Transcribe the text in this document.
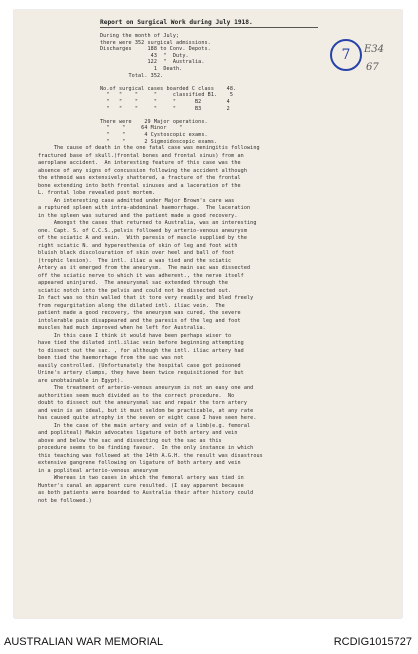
Report on Surgical Work during July 1918.
7 E34
67
During the month of July;
there were 352 surgical admissions.
Discharges     188 to Conv. Depots.
43  "  Duty.
122  "  Australia.
1  Death.
Total. 352.
No.of surgical cases boarded C class    48.
"   "    "     "     classified B1.    5
"   "    "     "     "      B2        4
"   "    "     "     "      B3        2
There were    29 Major operations.
"    "     64 Minor    "
"    "      4 Cystoscopic exams.
"    "      2 Sigmoidoscopic exams.
The cause of death in the one fatal case was meningitis following
fractured base of skull.(frontal bones and frontal sinus) from an
aeroplane accident.  An interesting feature of this case was the
absence of any signs of concussion following the accident although
the ethmoid was extensively shattered, a fracture of the frontal
bone extending into both frontal sinuses and a laceration of the
L. frontal lobe revealed post mortem.
An interesting case admitted under Major Brown's care was
a ruptured spleen with intra-abdominal haemorrhage.  The laceration
in the spleen was sutured and the patient made a good recovery.
Amongst the cases that returned to Australia, was an interesting
one. Capt. S. of C.C.S.,pelvis followed by arterio-venous aneurysm
of the sciatic A and vein.  With paresis of muscle supplied by the
right sciatic N. and hyperesthesia of skin of leg and foot with
bluish black discolouration of skin over heel and ball of foot
(trophic lesion).  The intl. iliac a was tied and the sciatic
Artery as it emerged from the aneurysm.  The main sac was dissected
off the sciatic nerve to which it was adherent., the nerve itself
appeared uninjured.  The aneurysmal sac extended through the
sciatic notch into the pelvis and could not be dissected out.
In fact was so thin walled that it tore very readily and bled freely
from regurgitation along the dilated intl. iliac vein.  The
patient made a good recovery, the aneurysm was cured, the severe
intolerable pain disappeared and the paresis of the leg and foot
muscles had much improved when he left for Australia.
In this case I think it would have been perhaps wiser to
have tied the dilated intl.iliac vein before beginning attempting
to dissect out the sac. , for although the intl. iliac artery had
been tied the haemorrhage from the sac was not
easily controlled. (Unfortunately the hospital case got poisoned
Urine's artery clamps, they have been twice requisitioned for but
are unobtainable in Egypt).
The treatment of arterio-venous aneurysm is not an easy one and
authorities seem much divided as to the correct procedure.  No
doubt to dissect out the aneurysmal sac and repair the torn artery
and vein is an ideal, but it must seldom be practicable, at any rate
has caused quite atrophy in the seven or eight case I have seen here.
In the case of the main artery and vein of a limb(e.g. femoral
and popliteal) Makin advocates ligature of both artery and vein
above and below the sac and dissecting out the sac as this
procedure seems to be finding favour.  In the only instance in which
this teaching was followed at the 14th A.G.H. the result was disastrous
extensive gangrene following on ligature of both artery and vein
in a popliteal arterio-venous aneurysm
Whereas in two cases in which the femoral artery was tied in
Hunter's canal an apparent cure resulted. (I say apparent because
as both patients were boarded to Australia their after history could
not be followed.)
AUSTRALIAN WAR MEMORIAL	RCDIG1015727
